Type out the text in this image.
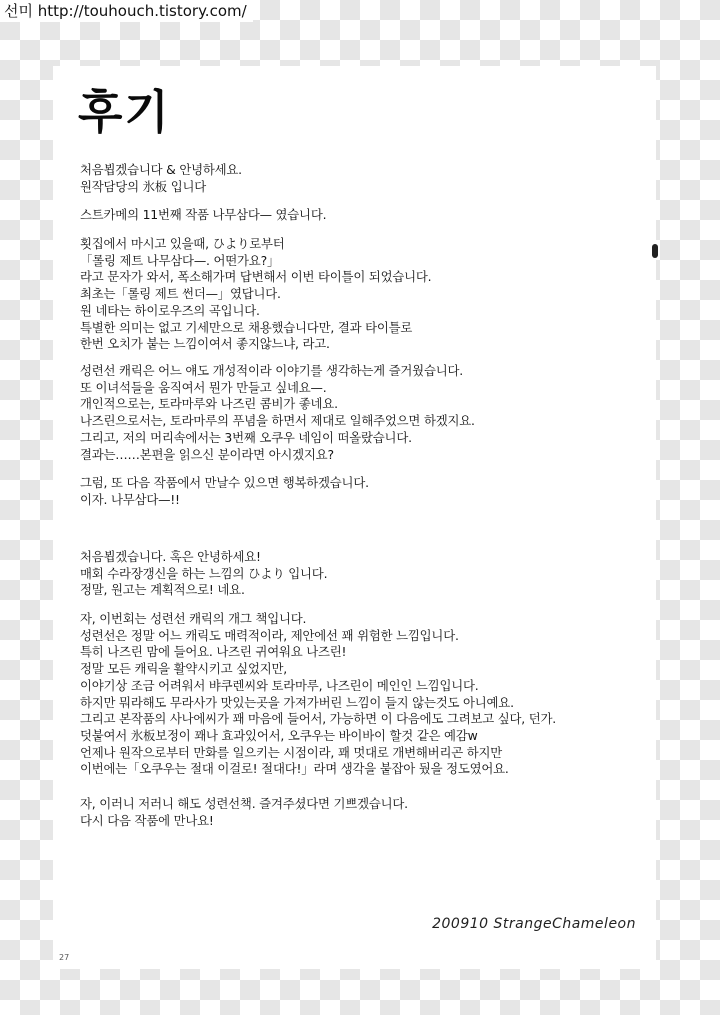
선미 http://touhouch.tistory.com/
후기
처음뵙겠습니다 & 안녕하세요.
원작담당의 氷板 입니다
스트카메의 11번째 작품 나무삼다— 였습니다.
횟집에서 마시고 있을때, ひより로부터
「롤링 제트 나무삼다—. 어떤가요?」
라고 문자가 와서, 폭소해가며 답변해서 이번 타이틀이 되었습니다.
최초는「롤링 제트 썬더—」였답니다.
원 네타는 하이로우즈의 곡입니다.
특별한 의미는 없고 기세만으로 채용했습니다만, 결과 타이틀로
한번 오치가 붙는 느낌이여서 좋지않느냐, 라고.
성련선 캐릭은 어느 얘도 개성적이라 이야기를 생각하는게 즐거웠습니다.
또 이녀석들을 움직여서 뭔가 만들고 싶네요—.
개인적으로는, 토라마루와 나즈린 콤비가 좋네요.
나즈린으로서는, 토라마루의 푸념을 하면서 제대로 일해주었으면 하겠지요.
그리고, 저의 머리속에서는 3번째 오쿠우 네임이 떠올랐습니다.
결과는……본편을 읽으신 분이라면 아시겠지요?
그럼, 또 다음 작품에서 만날수 있으면 행복하겠습니다.
이자. 나무삼다—!!
처음뵙겠습니다. 혹은 안녕하세요!
매회 수라장갱신을 하는 느낌의 ひより 입니다.
정말, 원고는 계획적으로! 네요.
자, 이번회는 성련선 캐릭의 개그 책입니다.
성련선은 정말 어느 캐릭도 매력적이라, 제안에선 꽤 위험한 느낌입니다.
특히 나즈린 맘에 들어요. 나즈린 귀여워요 나즈린!
정말 모든 캐릭을 활약시키고 싶었지만,
이야기상 조금 어려워서 뱌쿠렌씨와 토라마루, 나즈린이 메인인 느낌입니다.
하지만 뭐라해도 무라사가 맛있는곳을 가져가버린 느낌이 들지 않는것도 아니예요.
그리고 본작품의 사나에씨가 꽤 마음에 들어서, 가능하면 이 다음에도 그려보고 싶다, 던가.
덧붙여서 氷板보정이 꽤나 효과있어서, 오쿠우는 바이바이 할것 같은 예감w
언제나 원작으로부터 만화를 일으키는 시점이라, 꽤 멋대로 개변해버리곤 하지만
이번에는「오쿠우는 절대 이걸로! 절대다!」라며 생각을 붙잡아 뒀을 정도였어요.
자, 이러니 저러니 해도 성련선책. 즐겨주셨다면 기쁘겠습니다.
다시 다음 작품에 만나요!
200910 StrangeChameleon
27
